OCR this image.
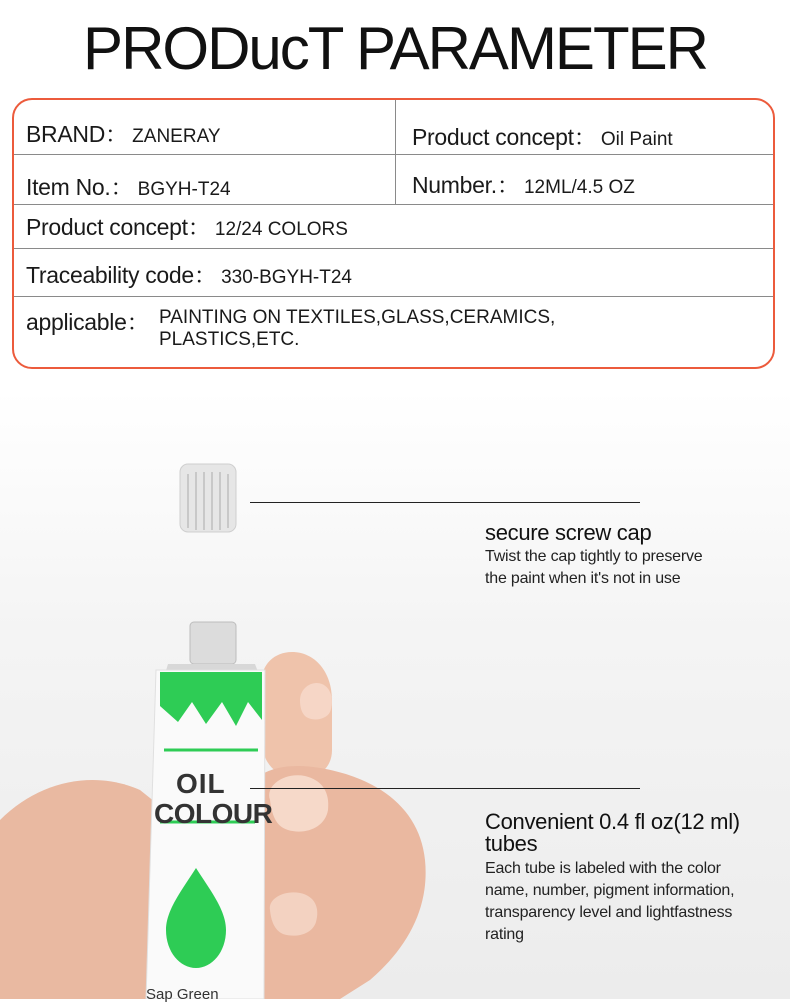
PRODucT PARAMETER
BRAND： ZANERAY	Product concept： Oil Paint
Item No.： BGYH-T24	Number.： 12ML/4.5 OZ
Product concept： 12/24 COLORS
Traceability code： 330-BGYH-T24
applicable： PAINTING ON TEXTILES,GLASS,CERAMICS,
PLASTICS,ETC.
OIL
COLOUR
Sap Green
secure screw cap
Twist the cap tightly to preserve
the paint when it's not in use
Convenient 0.4 fl oz(12 ml)
tubes
Each tube is labeled with the color
name, number, pigment information,
transparency level and lightfastness
rating
